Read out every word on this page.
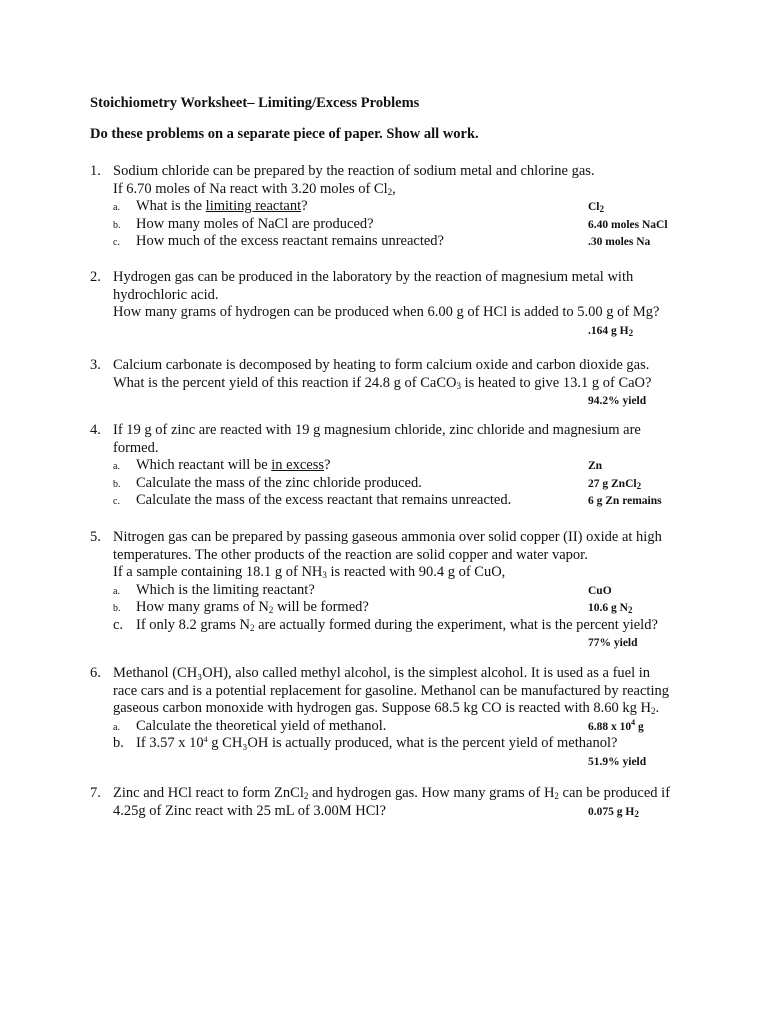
Stoichiometry Worksheet– Limiting/Excess Problems
Do these problems on a separate piece of paper. Show all work.
1. Sodium chloride can be prepared by the reaction of sodium metal and chlorine gas.
If 6.70 moles of Na react with 3.20 moles of $Cl_2$,
a. What is the limiting reactant?	$Cl_2$
b. How many moles of NaCl are produced?	6.40 moles NaCl
c. How much of the excess reactant remains unreacted?	.30 moles Na
2. Hydrogen gas can be produced in the laboratory by the reaction of magnesium metal with
hydrochloric acid.
How many grams of hydrogen can be produced when 6.00 g of HCl is added to 5.00 g of Mg?
.164 g $H_2$
3. Calcium carbonate is decomposed by heating to form calcium oxide and carbon dioxide gas.
What is the percent yield of this reaction if 24.8 g of CaCO$_3$ is heated to give 13.1 g of CaO?
94.2% yield
4. If 19 g of zinc are reacted with 19 g magnesium chloride, zinc chloride and magnesium are
formed.
a. Which reactant will be in excess?	Zn
b. Calculate the mass of the zinc chloride produced.	27 g ZnCl$_2$
c. Calculate the mass of the excess reactant that remains unreacted.	6 g Zn remains
5. Nitrogen gas can be prepared by passing gaseous ammonia over solid copper (II) oxide at high
temperatures. The other products of the reaction are solid copper and water vapor.
If a sample containing 18.1 g of $NH_3$ is reacted with 90.4 g of CuO,
a. Which is the limiting reactant?	CuO
b. How many grams of $N_2$ will be formed?	10.6 g $N_2$
c. If only 8.2 grams $N_2$ are actually formed during the experiment, what is the percent yield?
77% yield
6. Methanol (CH₃OH), also called methyl alcohol, is the simplest alcohol. It is used as a fuel in
race cars and is a potential replacement for gasoline. Methanol can be manufactured by reacting
gaseous carbon monoxide with hydrogen gas. Suppose 68.5 kg CO is reacted with 8.60 kg $H_2$.
a. Calculate the theoretical yield of methanol.	6.88 x $10^4$ g
b. If 3.57 x $10^4$ g CH₃OH is actually produced, what is the percent yield of methanol?
51.9% yield
7. Zinc and HCl react to form ZnCl$_2$ and hydrogen gas. How many grams of $H_2$ can be produced if
4.25g of Zinc react with 25 mL of 3.00M HCl?	0.075 g $H_2$
